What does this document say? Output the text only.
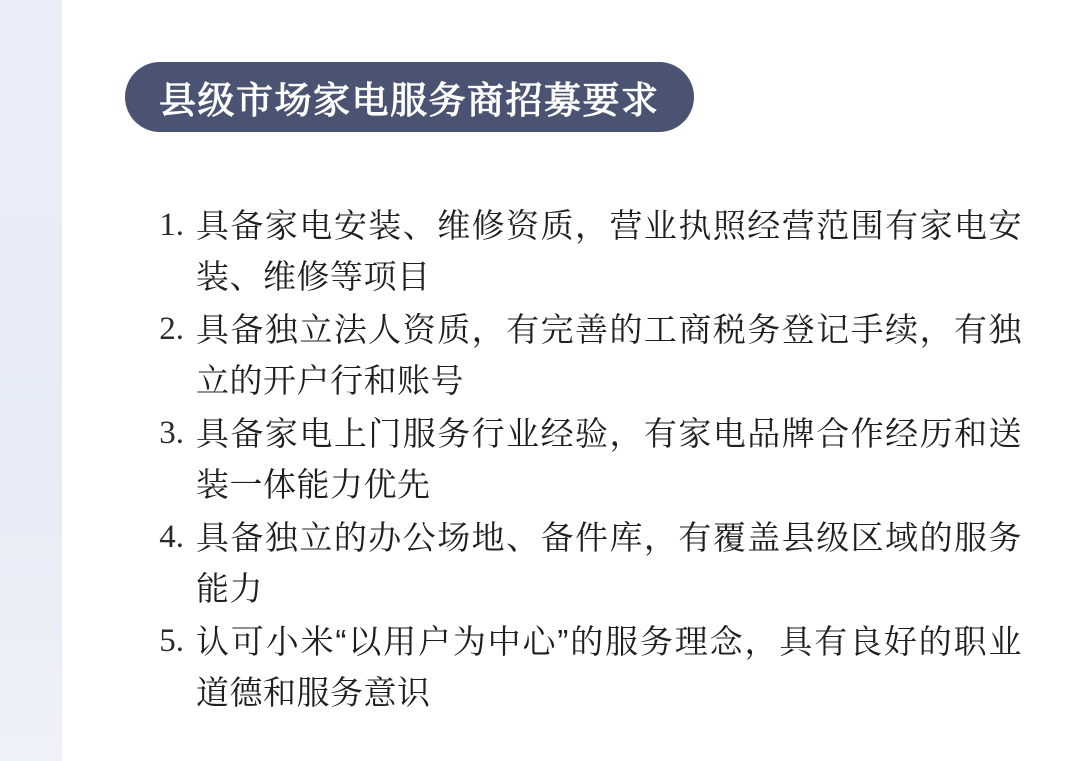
县级市场家电服务商招募要求
1. 具备家电安装、维修资质，营业执照经营范围有家电安装、维修等项目
2. 具备独立法人资质，有完善的工商税务登记手续，有独立的开户行和账号
3. 具备家电上门服务行业经验，有家电品牌合作经历和送装一体能力优先
4. 具备独立的办公场地、备件库，有覆盖县级区域的服务能力
5. 认可小米“以用户为中心”的服务理念，具有良好的职业道德和服务意识
